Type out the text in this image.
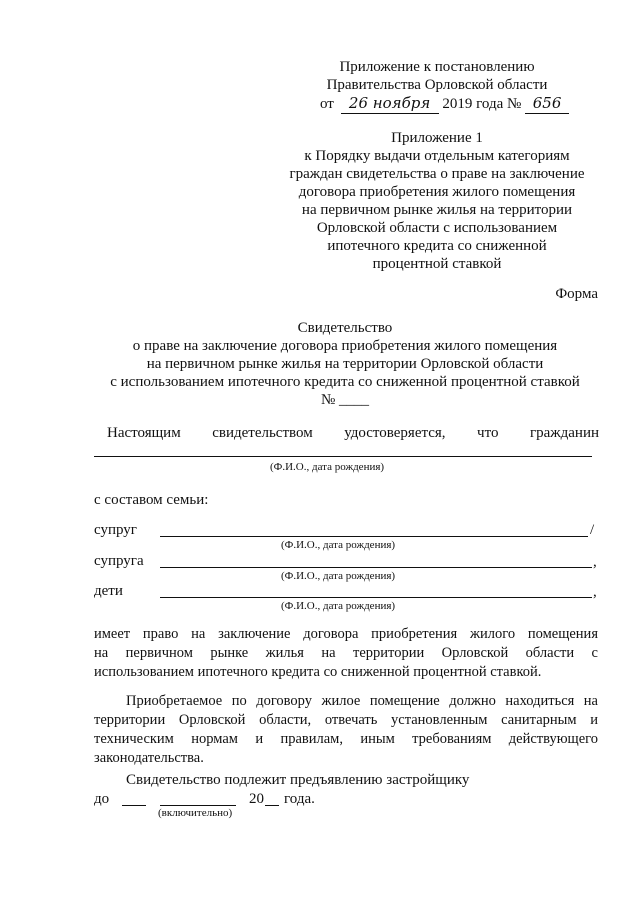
Приложение к постановлению
Правительства Орловской области
от 26 ноября 2019 года № 656
Приложение 1
к Порядку выдачи отдельным категориям
граждан свидетельства о праве на заключение
договора приобретения жилого помещения
на первичном рынке жилья на территории
Орловской области с использованием
ипотечного кредита со сниженной
процентной ставкой
Форма
Свидетельство
о праве на заключение договора приобретения жилого помещения
на первичном рынке жилья на территории Орловской области
с использованием ипотечного кредита со сниженной процентной ставкой
№ ____
Настоящим свидетельством удостоверяется, что гражданин
(Ф.И.О., дата рождения)
с составом семьи:
супруг	/
(Ф.И.О., дата рождения)
супруга	,
(Ф.И.О., дата рождения)
дети	,
(Ф.И.О., дата рождения)
имеет право на заключение договора приобретения жилого помещения
на первичном рынке жилья на территории Орловской области с
использованием ипотечного кредита со сниженной процентной ставкой.
Приобретаемое по договору жилое помещение должно находиться на
территории Орловской области, отвечать установленным санитарным и
техническим нормам и правилам, иным требованиям действующего
законодательства.
Свидетельство подлежит предъявлению застройщику
до	20 года.
(включительно)
